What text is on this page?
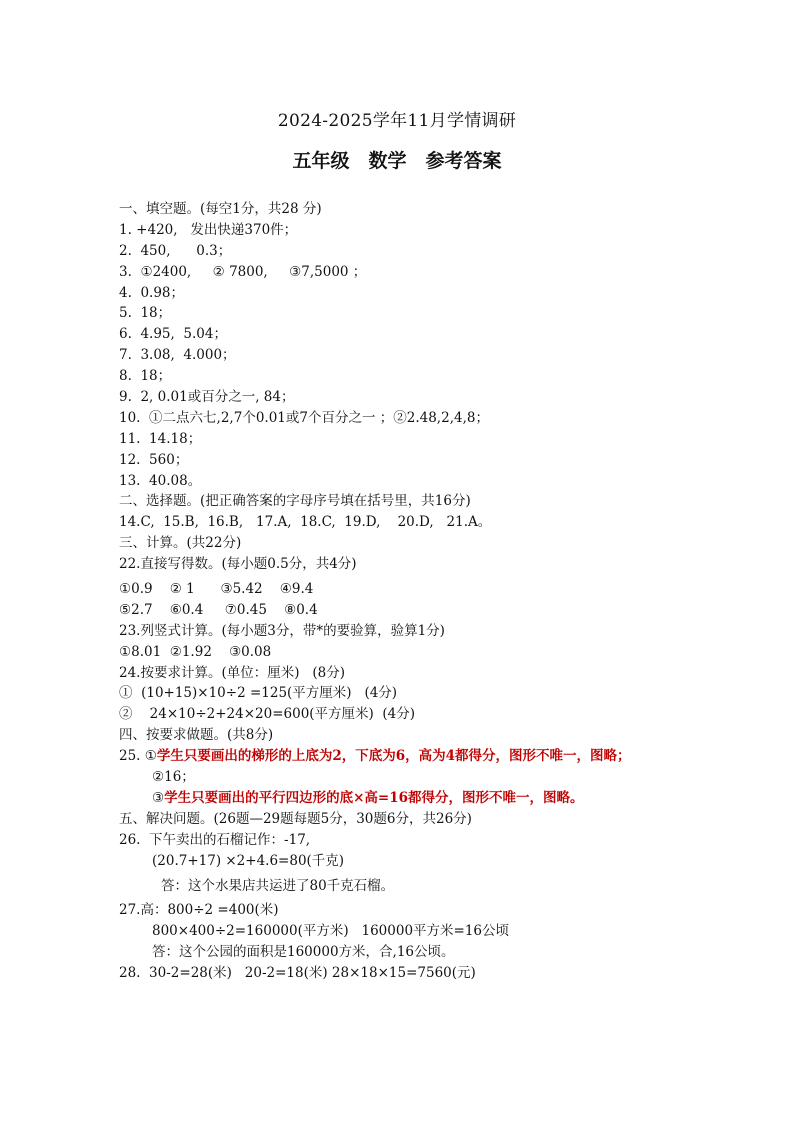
2024-2025学年11月学情调研
五年级　数学　参考答案
一、填空题。(每空1分，共28 分)
1. +420,   发出快递370件；
2.  450,      0.3；
3.  ①2400,     ② 7800,     ③7,5000 ；
4.  0.98；
5.  18；
6.  4.95,  5.04；
7.  3.08,  4.000；
8.  18；
9.  2, 0.01或百分之一, 84；
10.  ①二点六七,2,7个0.01或7个百分之一 ；②2.48,2,4,8；
11.  14.18；
12.  560；
13.  40.08。
二、选择题。(把正确答案的字母序号填在括号里，共16分)
14.C,  15.B,  16.B,   17.A,  18.C,  19.D,    20.D,   21.A。
三、计算。(共22分)
22.直接写得数。(每小题0.5分，共4分)
①0.9    ② 1      ③5.42    ④9.4
⑤2.7    ⑥0.4     ⑦0.45    ⑧0.4
23.列竖式计算。(每小题3分，带*的要验算，验算1分)
①8.01  ②1.92    ③0.08
24.按要求计算。(单位：厘米)   (8分)
①  (10+15)×10÷2 =125(平方厘米)   (4分)
②    24×10÷2+24×20=600(平方厘米)  (4分)
四、按要求做题。(共8分)
25. ①学生只要画出的梯形的上底为2，下底为6，高为4都得分，图形不唯一，图略；
②16；
③学生只要画出的平行四边形的底×高=16都得分，图形不唯一，图略。
五、解决问题。(26题—29题每题5分，30题6分，共26分)
26.  下午卖出的石榴记作：-17,
(20.7+17) ×2+4.6=80(千克)
答：这个水果店共运进了80千克石榴。
27.高：800÷2 =400(米)
800×400÷2=160000(平方米)   160000平方米=16公顷
答：这个公园的面积是160000方米，合,16公顷。
28.  30-2=28(米)   20-2=18(米) 28×18×15=7560(元)
